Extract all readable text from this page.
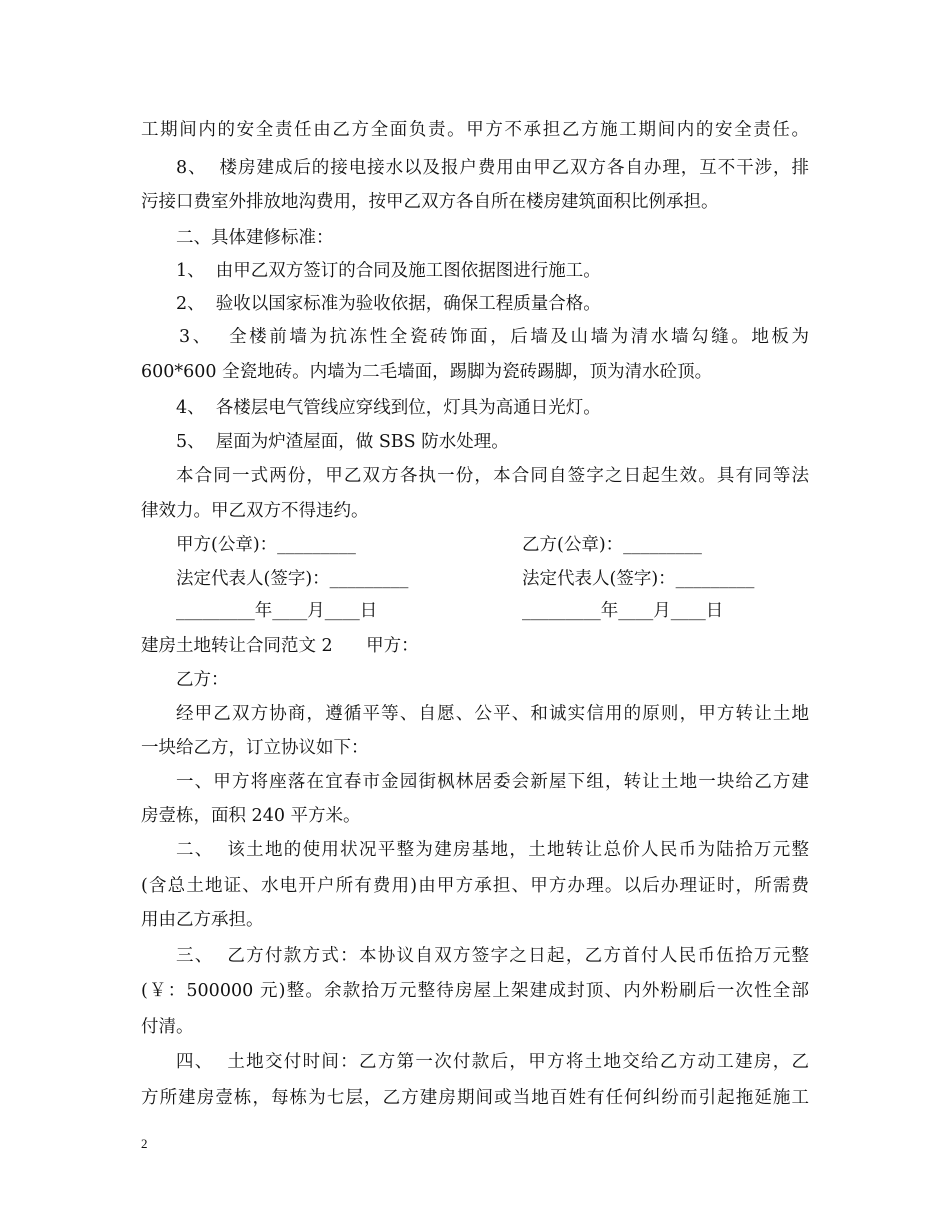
工期间内的安全责任由乙方全面负责。甲方不承担乙方施工期间内的安全责任。
8、  楼房建成后的接电接水以及报户费用由甲乙双方各自办理，互不干涉，排
污接口费室外排放地沟费用，按甲乙双方各自所在楼房建筑面积比例承担。
二、具体建修标准：
1、  由甲乙双方签订的合同及施工图依据图进行施工。
2、  验收以国家标准为验收依据，确保工程质量合格。
3、  全楼前墙为抗冻性全瓷砖饰面，后墙及山墙为清水墙勾缝。地板为
600*600 全瓷地砖。内墙为二毛墙面，踢脚为瓷砖踢脚，顶为清水砼顶。
4、  各楼层电气管线应穿线到位，灯具为高通日光灯。
5、  屋面为炉渣屋面，做 SBS 防水处理。
本合同一式两份，甲乙双方各执一份，本合同自签字之日起生效。具有同等法
律效力。甲乙双方不得违约。
甲方(公章)：_________	乙方(公章)：_________
法定代表人(签字)：_________	法定代表人(签字)：_________
_________年____月____日	_________年____月____日
建房土地转让合同范文 2      甲方：
乙方：
经甲乙双方协商，遵循平等、自愿、公平、和诚实信用的原则，甲方转让土地
一块给乙方，订立协议如下：
一、甲方将座落在宜春市金园街枫林居委会新屋下组，转让土地一块给乙方建
房壹栋，面积 240 平方米。
二、  该土地的使用状况平整为建房基地，土地转让总价人民币为陆拾万元整
(含总土地证、水电开户所有费用)由甲方承担、甲方办理。以后办理证时，所需费
用由乙方承担。
三、  乙方付款方式：本协议自双方签字之日起，乙方首付人民币伍拾万元整
(￥：500000 元)整。余款拾万元整待房屋上架建成封顶、内外粉刷后一次性全部
付清。
四、  土地交付时间：乙方第一次付款后，甲方将土地交给乙方动工建房，乙
方所建房壹栋，每栋为七层，乙方建房期间或当地百姓有任何纠纷而引起拖延施工
2
